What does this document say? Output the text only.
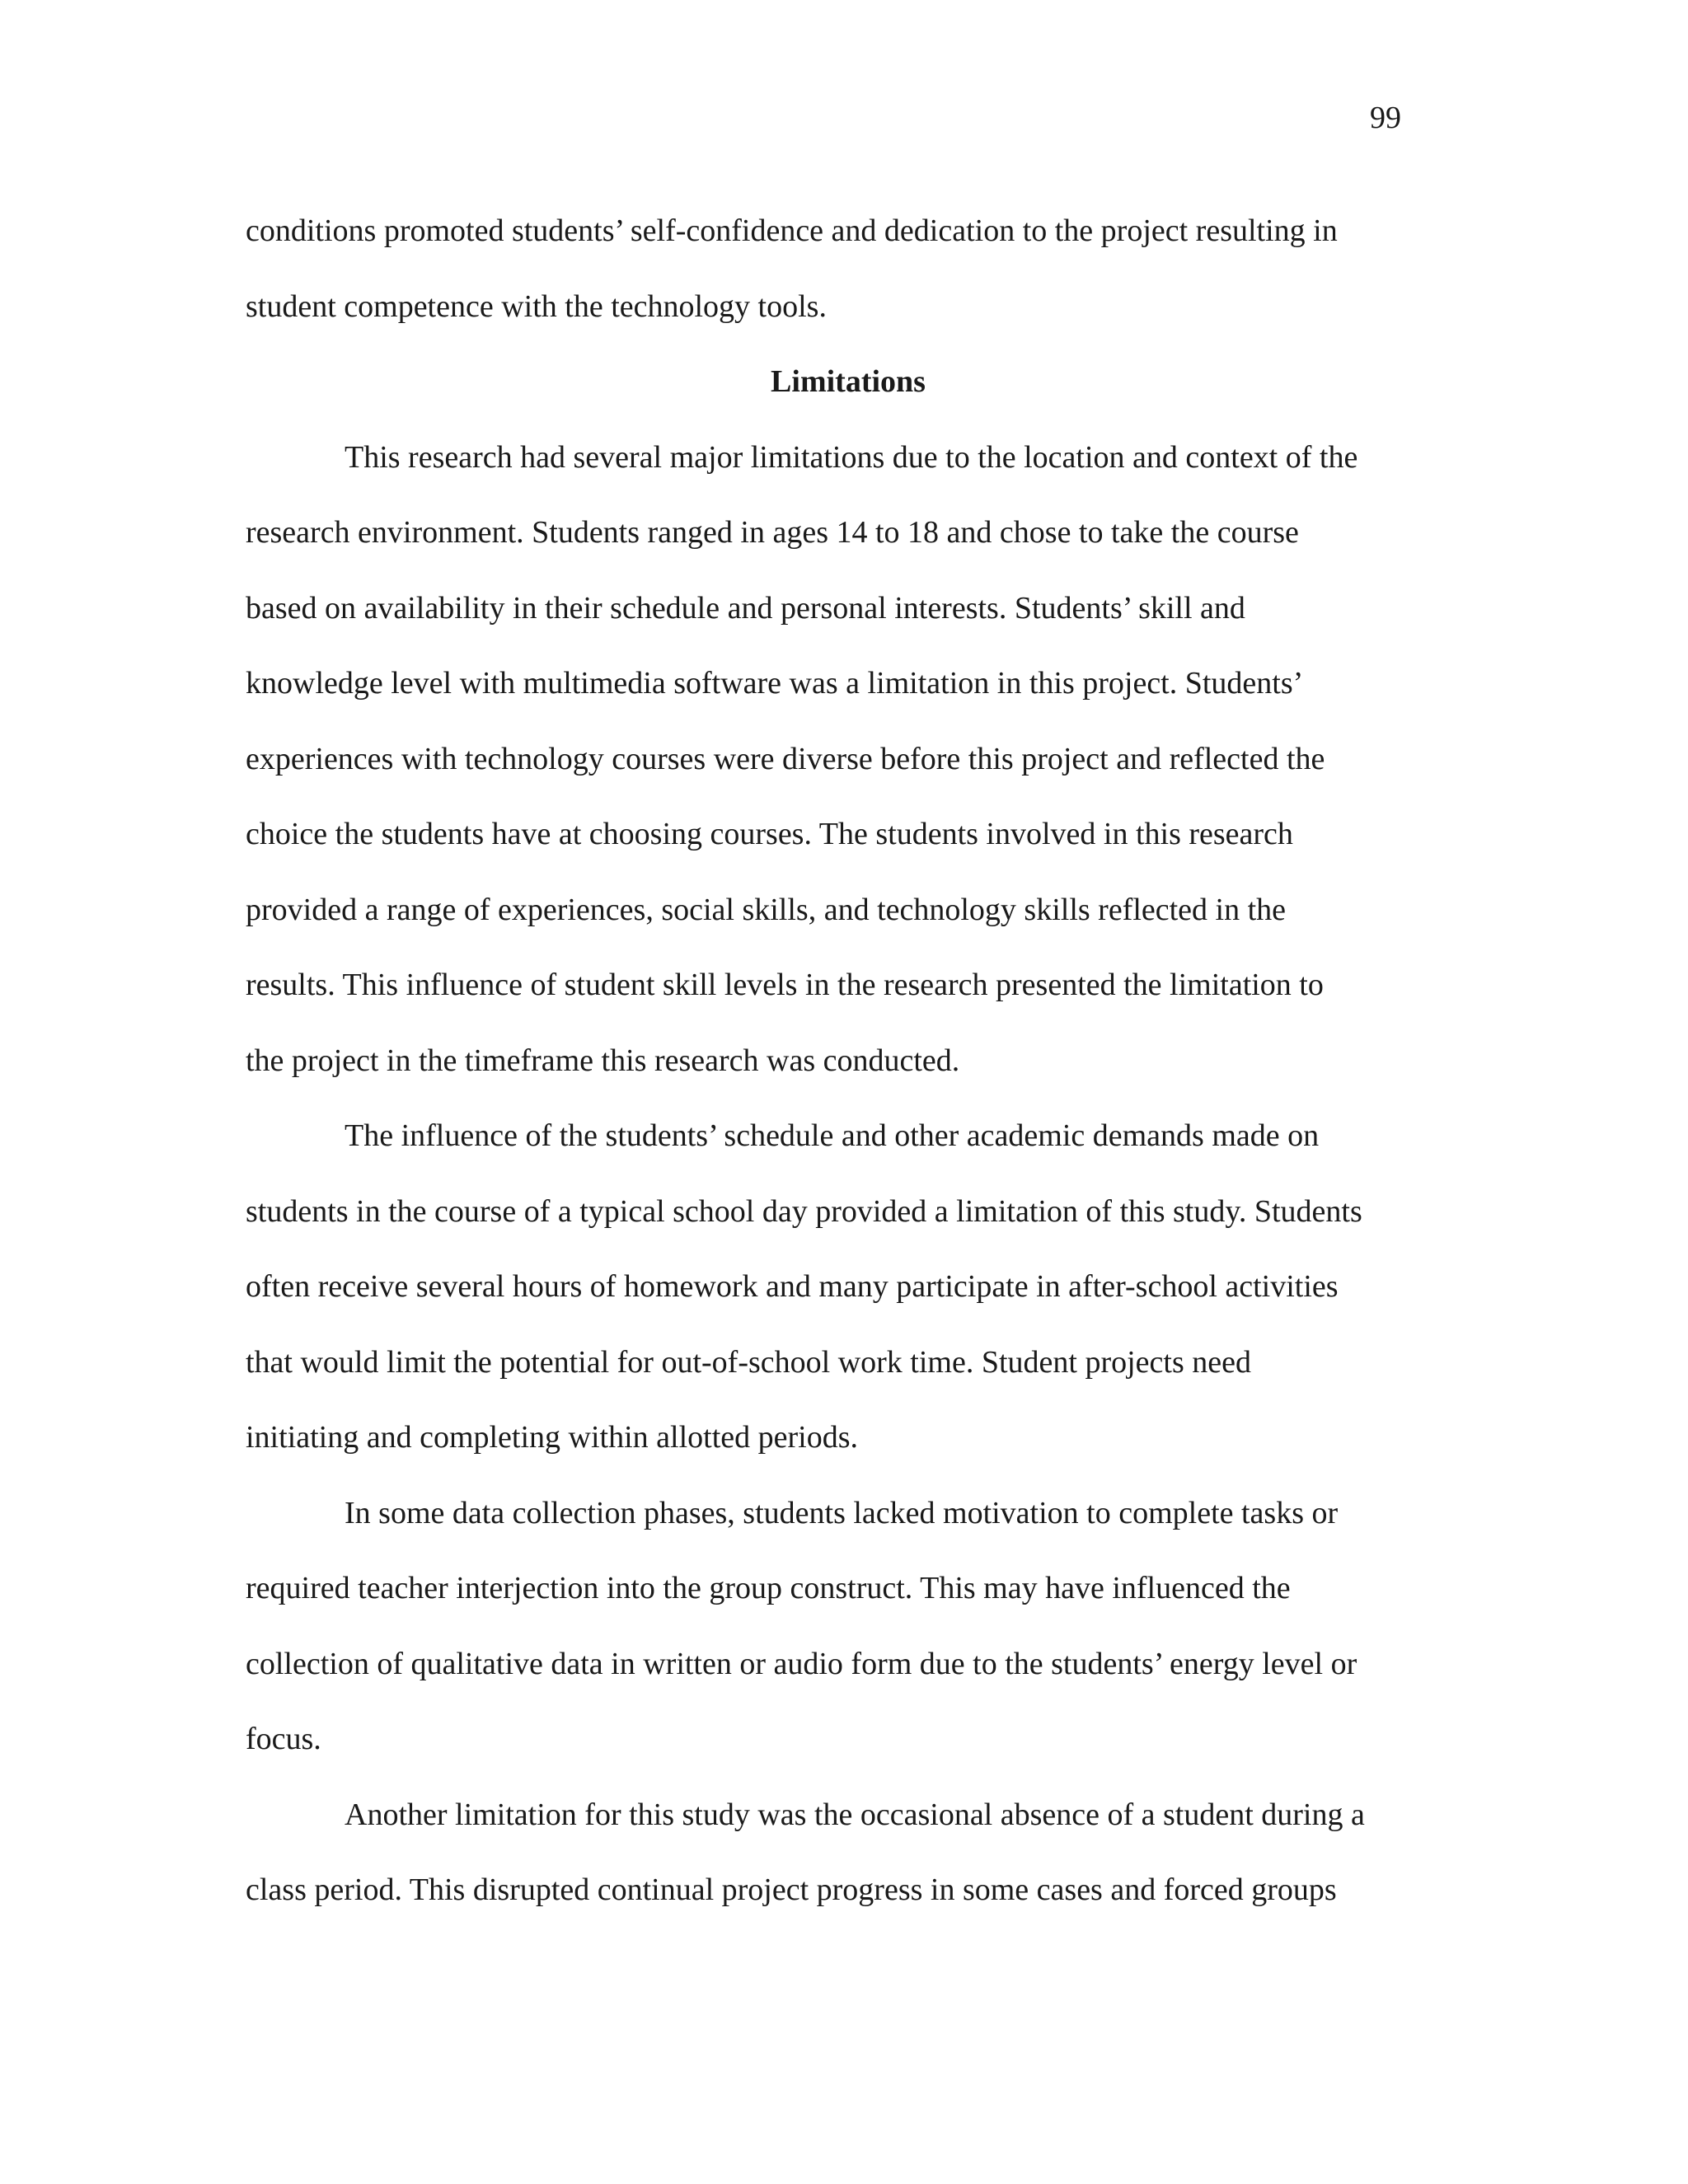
99

conditions promoted students’ self-confidence and dedication to the project resulting in
student competence with the technology tools.

Limitations

This research had several major limitations due to the location and context of the
research environment. Students ranged in ages 14 to 18 and chose to take the course
based on availability in their schedule and personal interests. Students’ skill and
knowledge level with multimedia software was a limitation in this project. Students’
experiences with technology courses were diverse before this project and reflected the
choice the students have at choosing courses. The students involved in this research
provided a range of experiences, social skills, and technology skills reflected in the
results. This influence of student skill levels in the research presented the limitation to
the project in the timeframe this research was conducted.

The influence of the students’ schedule and other academic demands made on
students in the course of a typical school day provided a limitation of this study. Students
often receive several hours of homework and many participate in after-school activities
that would limit the potential for out-of-school work time. Student projects need
initiating and completing within allotted periods.

In some data collection phases, students lacked motivation to complete tasks or
required teacher interjection into the group construct. This may have influenced the
collection of qualitative data in written or audio form due to the students’ energy level or
focus.

Another limitation for this study was the occasional absence of a student during a
class period. This disrupted continual project progress in some cases and forced groups
